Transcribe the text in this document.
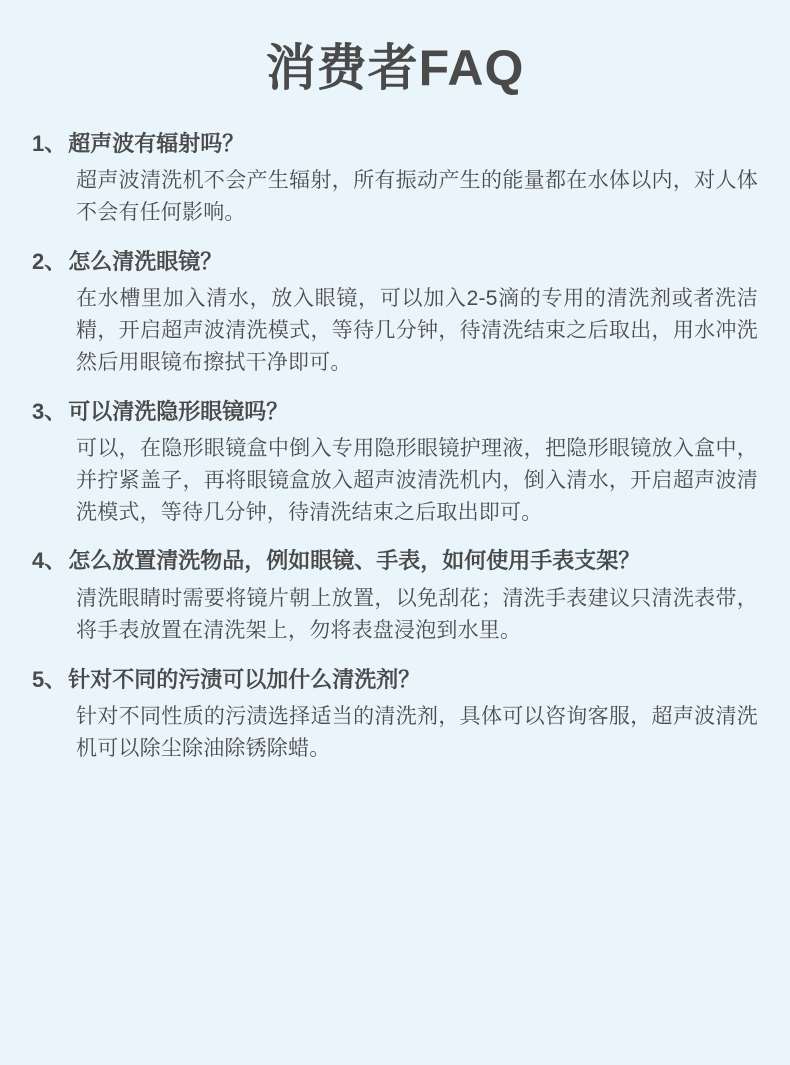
消费者FAQ
1、 超声波有辐射吗？
超声波清洗机不会产生辐射，所有振动产生的能量都在水体以内，对人体不会有任何影响。
2、 怎么清洗眼镜？
在水槽里加入清水，放入眼镜，可以加入2-5滴的专用的清洗剂或者洗洁精，开启超声波清洗模式，等待几分钟，待清洗结束之后取出，用水冲洗然后用眼镜布擦拭干净即可。
3、 可以清洗隐形眼镜吗？
可以，在隐形眼镜盒中倒入专用隐形眼镜护理液，把隐形眼镜放入盒中，并拧紧盖子，再将眼镜盒放入超声波清洗机内，倒入清水，开启超声波清洗模式，等待几分钟，待清洗结束之后取出即可。
4、 怎么放置清洗物品，例如眼镜、手表，如何使用手表支架？
清洗眼睛时需要将镜片朝上放置，以免刮花；清洗手表建议只清洗表带，将手表放置在清洗架上，勿将表盘浸泡到水里。
5、 针对不同的污渍可以加什么清洗剂？
针对不同性质的污渍选择适当的清洗剂，具体可以咨询客服，超声波清洗机可以除尘除油除锈除蜡。
